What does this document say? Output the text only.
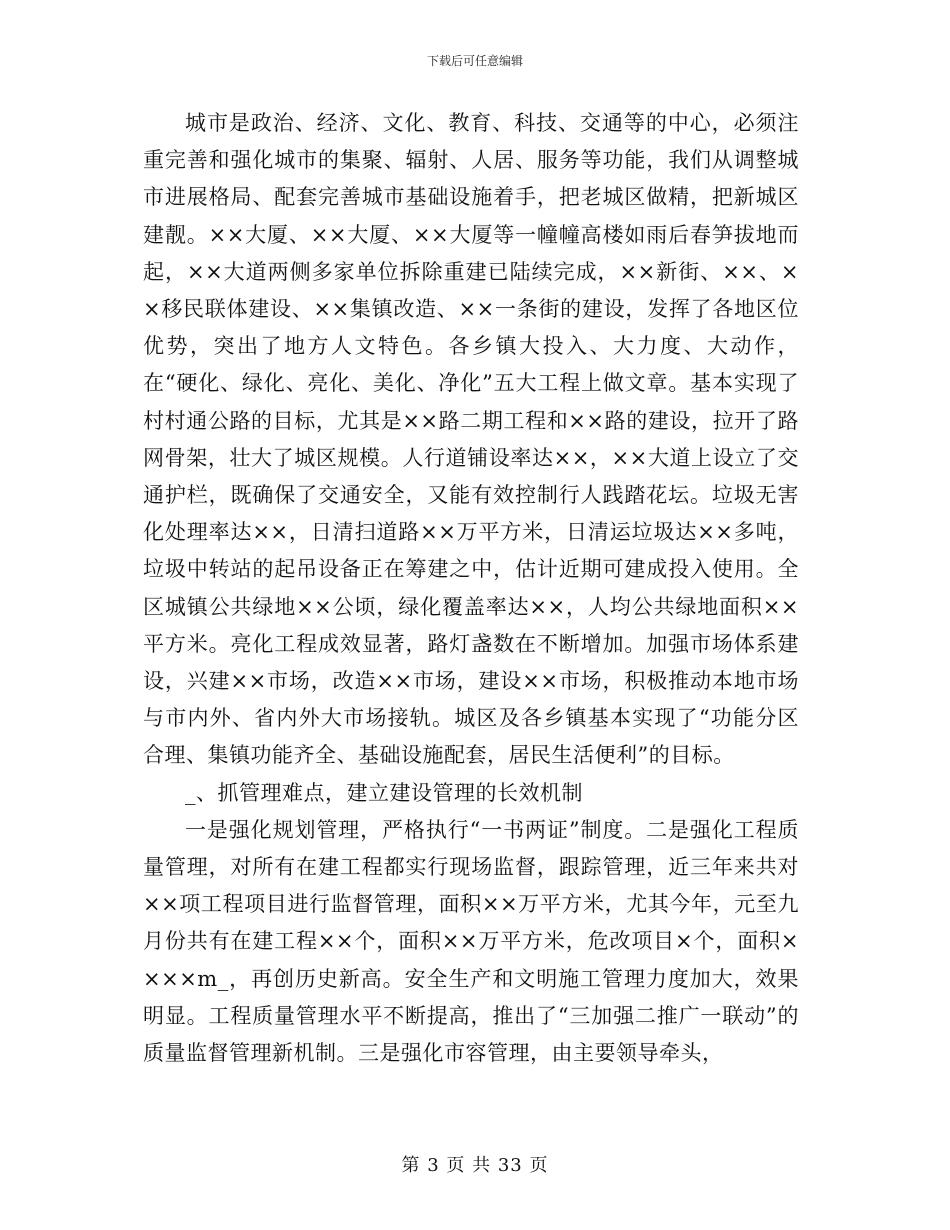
下载后可任意编辑

城市是政治、经济、文化、教育、科技、交通等的中心，必须注重完善和强化城市的集聚、辐射、人居、服务等功能，我们从调整城市进展格局、配套完善城市基础设施着手，把老城区做精，把新城区建靓。××大厦、××大厦、××大厦等一幢幢高楼如雨后春笋拔地而起，××大道两侧多家单位拆除重建已陆续完成，××新街、××、××移民联体建设、××集镇改造、××一条街的建设，发挥了各地区位优势，突出了地方人文特色。各乡镇大投入、大力度、大动作，在“硬化、绿化、亮化、美化、净化”五大工程上做文章。基本实现了村村通公路的目标，尤其是××路二期工程和××路的建设，拉开了路网骨架，壮大了城区规模。人行道铺设率达××，××大道上设立了交通护栏，既确保了交通安全，又能有效控制行人践踏花坛。垃圾无害化处理率达××，日清扫道路××万平方米，日清运垃圾达××多吨，垃圾中转站的起吊设备正在筹建之中，估计近期可建成投入使用。全区城镇公共绿地××公顷，绿化覆盖率达××，人均公共绿地面积××平方米。亮化工程成效显著，路灯盏数在不断增加。加强市场体系建设，兴建××市场，改造××市场，建设××市场，积极推动本地市场与市内外、省内外大市场接轨。城区及各乡镇基本实现了“功能分区合理、集镇功能齐全、基础设施配套，居民生活便利”的目标。

_、抓管理难点，建立建设管理的长效机制

一是强化规划管理，严格执行“一书两证”制度。二是强化工程质量管理，对所有在建工程都实行现场监督，跟踪管理，近三年来共对××项工程项目进行监督管理，面积××万平方米，尤其今年，元至九月份共有在建工程××个，面积××万平方米，危改项目×个，面积××××m_，再创历史新高。安全生产和文明施工管理力度加大，效果明显。工程质量管理水平不断提高，推出了“三加强二推广一联动”的质量监督管理新机制。三是强化市容管理，由主要领导牵头，

第 3 页 共 33 页
